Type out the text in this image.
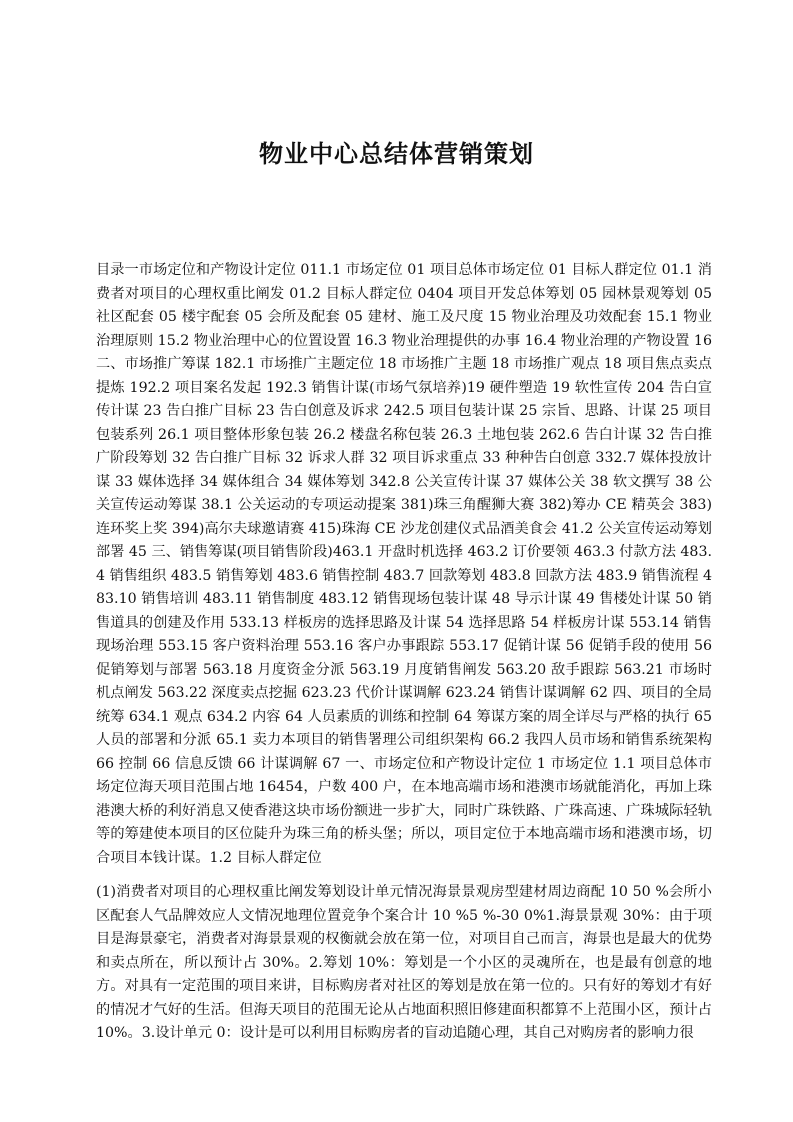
物业中心总结体营销策划
目录一市场定位和产物设计定位 011.1 市场定位 01 项目总体市场定位 01 目标人群定位 01.1 消费者对项目的心理权重比阐发 01.2 目标人群定位 0404 项目开发总体筹划 05 园林景观筹划 05 社区配套 05 楼宇配套 05 会所及配套 05 建材、施工及尺度 15 物业治理及功效配套 15.1 物业治理原则 15.2 物业治理中心的位置设置 16.3 物业治理提供的办事 16.4 物业治理的产物设置 16 二、市场推广筹谋 182.1 市场推广主题定位 18 市场推广主题 18 市场推广观点 18 项目焦点卖点提炼 192.2 项目案名发起 192.3 销售计谋(市场气氛培养)19 硬件塑造 19 软性宣传 204 告白宣传计谋 23 告白推广目标 23 告白创意及诉求 242.5 项目包装计谋 25 宗旨、思路、计谋 25 项目包装系列 26.1 项目整体形象包装 26.2 楼盘名称包装 26.3 土地包装 262.6 告白计谋 32 告白推广阶段筹划 32 告白推广目标 32 诉求人群 32 项目诉求重点 33 种种告白创意 332.7 媒体投放计谋 33 媒体选择 34 媒体组合 34 媒体筹划 342.8 公关宣传计谋 37 媒体公关 38 软文撰写 38 公关宣传运动筹谋 38.1 公关运动的专项运动提案 381)珠三角醒狮大赛 382)筹办 CE 精英会 383)连环奖上奖 394)高尔夫球邀请赛 415)珠海 CE 沙龙创建仪式品酒美食会 41.2 公关宣传运动筹划部署 45 三、销售筹谋(项目销售阶段)463.1 开盘时机选择 463.2 订价要领 463.3 付款方法 483.4 销售组织 483.5 销售筹划 483.6 销售控制 483.7 回款筹划 483.8 回款方法 483.9 销售流程 483.10 销售培训 483.11 销售制度 483.12 销售现场包装计谋 48 导示计谋 49 售楼处计谋 50 销售道具的创建及作用 533.13 样板房的选择思路及计谋 54 选择思路 54 样板房计谋 553.14 销售现场治理 553.15 客户资料治理 553.16 客户办事跟踪 553.17 促销计谋 56 促销手段的使用 56 促销筹划与部署 563.18 月度资金分派 563.19 月度销售阐发 563.20 敌手跟踪 563.21 市场时机点阐发 563.22 深度卖点挖掘 623.23 代价计谋调解 623.24 销售计谋调解 62 四、项目的全局统筹 634.1 观点 634.2 内容 64 人员素质的训练和控制 64 筹谋方案的周全详尽与严格的执行 65 人员的部署和分派 65.1 卖力本项目的销售署理公司组织架构 66.2 我四人员市场和销售系统架构 66 控制 66 信息反馈 66 计谋调解 67 一、市场定位和产物设计定位 1 市场定位 1.1 项目总体市场定位海天项目范围占地 16454，户数 400 户，在本地高端市场和港澳市场就能消化，再加上珠港澳大桥的利好消息又使香港这块市场份额进一步扩大，同时广珠铁路、广珠高速、广珠城际轻轨等的筹建使本项目的区位陡升为珠三角的桥头堡；所以，项目定位于本地高端市场和港澳市场，切合项目本钱计谋。1.2 目标人群定位
(1)消费者对项目的心理权重比阐发筹划设计单元情况海景景观房型建材周边商配 10 50 %会所小区配套人气品牌效应人文情况地理位置竞争个案合计 10 %5 %-30 0%1.海景景观 30%：由于项目是海景豪宅，消费者对海景景观的权衡就会放在第一位，对项目自己而言，海景也是最大的优势和卖点所在，所以预计占 30%。2.筹划 10%：筹划是一个小区的灵魂所在，也是最有创意的地方。对具有一定范围的项目来讲，目标购房者对社区的筹划是放在第一位的。只有好的筹划才有好的情况才气好的生活。但海天项目的范围无论从占地面积照旧修建面积都算不上范围小区，预计占 10%。3.设计单元 0：设计是可以利用目标购房者的盲动追随心理，其自己对购房者的影响力很
